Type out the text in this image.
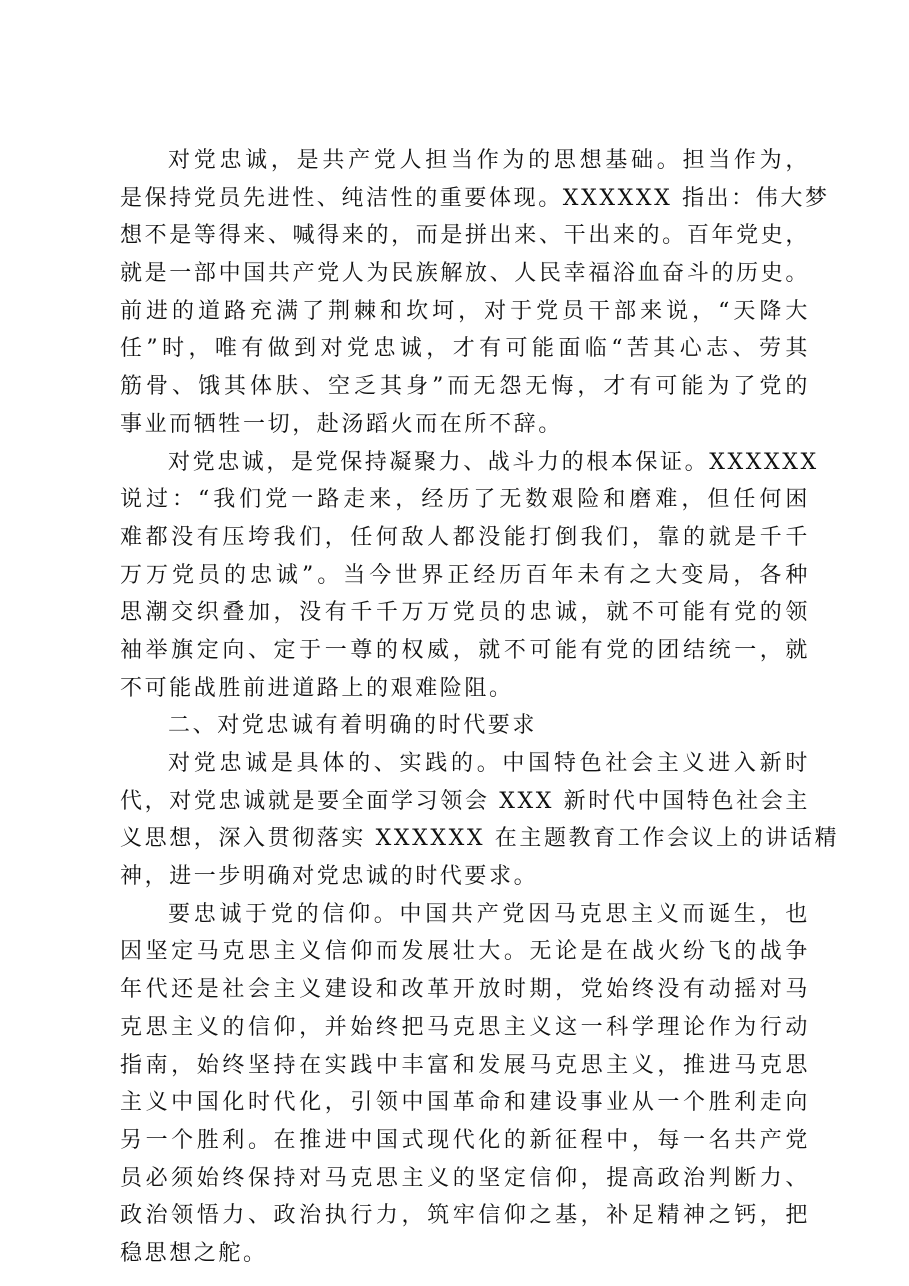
对党忠诚，是共产党人担当作为的思想基础。担当作为，
是保持党员先进性、纯洁性的重要体现。XXXXXX 指出：伟大梦
想不是等得来、喊得来的，而是拼出来、干出来的。百年党史，
就是一部中国共产党人为民族解放、人民幸福浴血奋斗的历史。
前进的道路充满了荆棘和坎坷，对于党员干部来说，“天降大
任”时，唯有做到对党忠诚，才有可能面临“苦其心志、劳其
筋骨、饿其体肤、空乏其身”而无怨无悔，才有可能为了党的
事业而牺牲一切，赴汤蹈火而在所不辞。
对党忠诚，是党保持凝聚力、战斗力的根本保证。XXXXXX
说过：“我们党一路走来，经历了无数艰险和磨难，但任何困
难都没有压垮我们，任何敌人都没能打倒我们，靠的就是千千
万万党员的忠诚”。当今世界正经历百年未有之大变局，各种
思潮交织叠加，没有千千万万党员的忠诚，就不可能有党的领
袖举旗定向、定于一尊的权威，就不可能有党的团结统一，就
不可能战胜前进道路上的艰难险阻。
二、对党忠诚有着明确的时代要求
对党忠诚是具体的、实践的。中国特色社会主义进入新时
代，对党忠诚就是要全面学习领会 XXX 新时代中国特色社会主
义思想，深入贯彻落实 XXXXXX 在主题教育工作会议上的讲话精
神，进一步明确对党忠诚的时代要求。
要忠诚于党的信仰。中国共产党因马克思主义而诞生，也
因坚定马克思主义信仰而发展壮大。无论是在战火纷飞的战争
年代还是社会主义建设和改革开放时期，党始终没有动摇对马
克思主义的信仰，并始终把马克思主义这一科学理论作为行动
指南，始终坚持在实践中丰富和发展马克思主义，推进马克思
主义中国化时代化，引领中国革命和建设事业从一个胜利走向
另一个胜利。在推进中国式现代化的新征程中，每一名共产党
员必须始终保持对马克思主义的坚定信仰，提高政治判断力、
政治领悟力、政治执行力，筑牢信仰之基，补足精神之钙，把
稳思想之舵。
